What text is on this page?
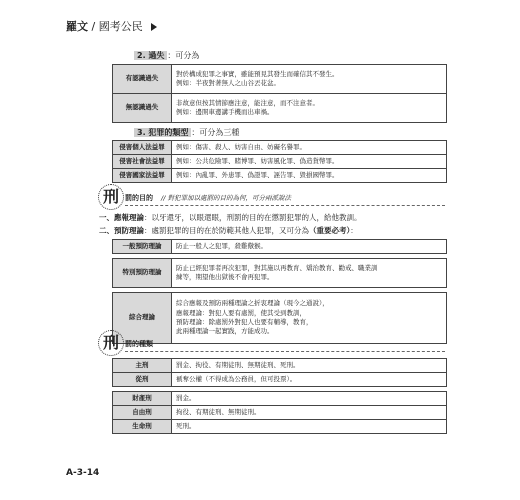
羅文 / 國考公民
2. 過失 ：可分為
有認識過失	對於構成犯罪之事實，雖能預見其發生而確信其不發生。
例如：半夜對著無人之山谷丟花盆。

無認識過失	非故意但按其情節應注意，能注意，而不注意者。
例如：邊開車邊講手機而出車禍。
3. 犯罪的類型 ：可分為三種
侵害個人法益罪	例如：傷害、殺人、妨害自由、妨礙名譽罪。
侵害社會法益罪	例如：公共危險罪、賭博罪、妨害風化罪、偽造貨幣罪。
侵害國家法益罪	例如：內亂罪、外患罪、偽證罪、誣告罪、毀損國幣罪。
刑 罰的目的 // 對犯罪加以處罰的目的為何，可分兩派說法
一、應報理論：以牙還牙，以眼還眼，刑罰的目的在懲罰犯罪的人，給他教訓。
二、預防理論：處罰犯罪的目的在於防範其他人犯罪，又可分為（重要必考）：
一般預防理論	防止一般人之犯罪，殺雞儆猴。

特別預防理論	防止已經犯罪者再次犯罪，對其施以再教育、矯治教育、勸戒、職業訓
練等，期望他出獄後不會再犯罪。

綜合理論	綜合應報及預防兩種理論之折衷理論（現今之通說），
應報理論：對犯人要有處罰，使其受到教訓，
預防理論：除處罰外對犯人也要有輔導，教育，
此兩種理論一起實践，方能成功。
刑 罰的種類
主刑	罰金、拘役、有期徒刑、無期徒刑、死刑。
從刑	褫奪公權（不得成為公務員，但可投票）。

財產刑	罰金。
自由刑	拘役、有期徒刑、無期徒刑。
生命刑	死刑。
A-3-14
